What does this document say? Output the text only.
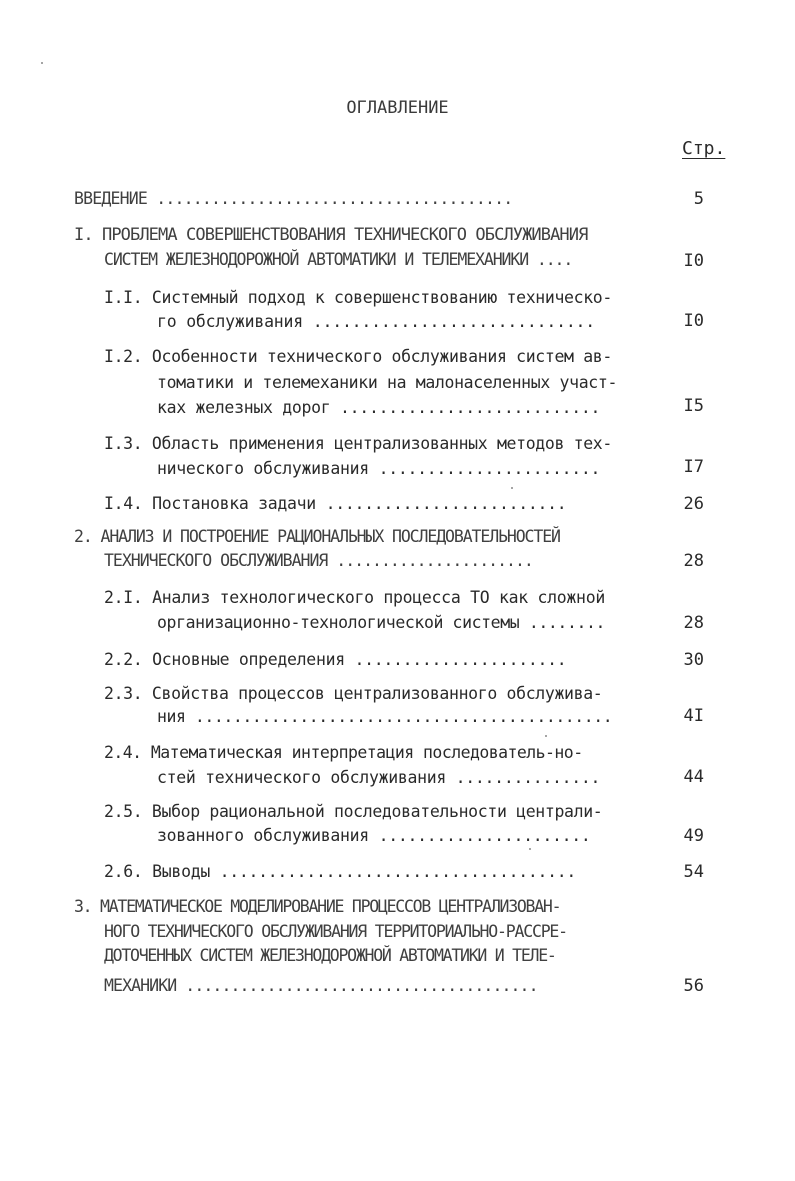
ОГЛАВЛЕНИЕ
Стр.
ВВЕДЕНИЕ .......................................	5
I. ПРОБЛЕМА СОВЕРШЕНСТВОВАНИЯ ТЕХНИЧЕСКОГО ОБСЛУЖИВАНИЯ
СИСТЕМ ЖЕЛЕЗНОДОРОЖНОЙ АВТОМАТИКИ И ТЕЛЕМЕХАНИКИ ....	I0
I.I. Системный подход к совершенствованию техническо-
го обслуживания .............................	I0
I.2. Особенности технического обслуживания систем ав-
томатики и телемеханики на малонаселенных участ-
ках железных дорог ...........................	I5
I.3. Область применения централизованных методов тех-
нического обслуживания .......................	I7
I.4. Постановка задачи .........................	26
2. АНАЛИЗ И ПОСТРОЕНИЕ РАЦИОНАЛЬНЫХ ПОСЛЕДОВАТЕЛЬНОСТЕЙ
ТЕХНИЧЕСКОГО ОБСЛУЖИВАНИЯ ......................	28
2.I. Анализ технологического процесса ТО как сложной
организационно-технологической системы ........	28
2.2. Основные определения ......................	30
2.3. Свойства процессов централизованного обслужива-
ния ............................................	4I
2.4. Математическая интерпретация последователь-но-
стей технического обслуживания ...............	44
2.5. Выбор рациональной последовательности централи-
зованного обслуживания ......................	49
2.6. Выводы .....................................	54
3. МАТЕМАТИЧЕСКОЕ МОДЕЛИРОВАНИЕ ПРОЦЕССОВ ЦЕНТРАЛИЗОВАН-
НОГО ТЕХНИЧЕСКОГО ОБСЛУЖИВАНИЯ ТЕРРИТОРИАЛЬНО-РАССРЕ-
ДОТОЧЕННЫХ СИСТЕМ ЖЕЛЕЗНОДОРОЖНОЙ АВТОМАТИКИ И ТЕЛЕ-
МЕХАНИКИ .......................................	56
